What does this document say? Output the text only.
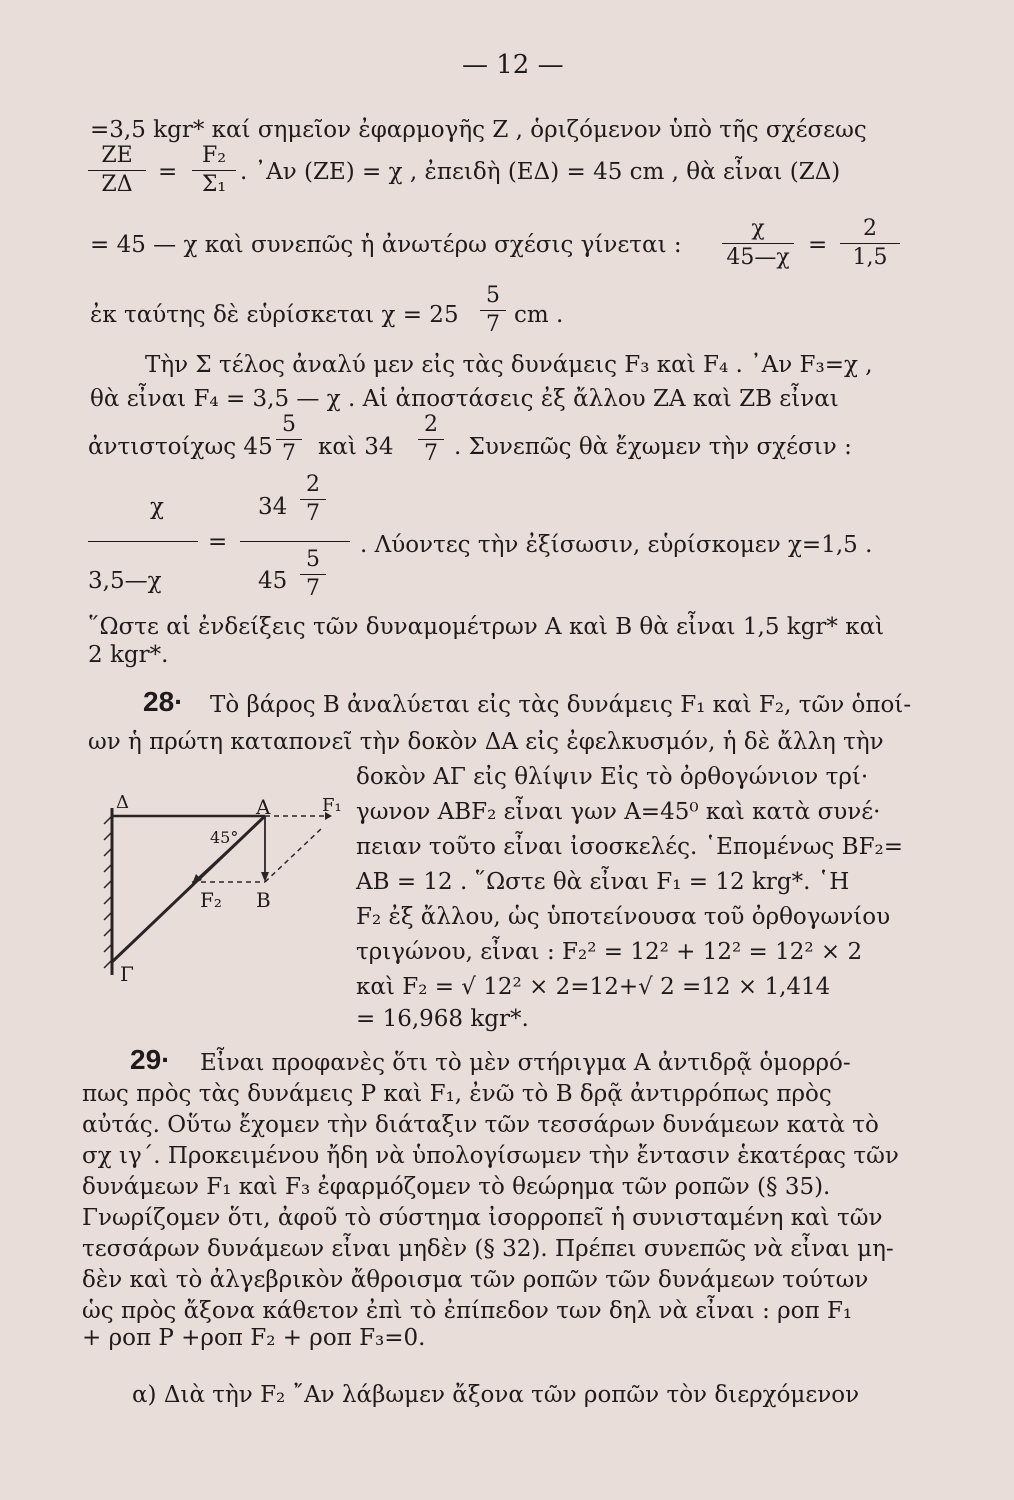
— 12 —
=3,5 kgr* καί σημεῖον ἐφαρμογῆς Ζ , ὁριζόμενον ὑπὸ τῆς σχέσεως
ΖΕ
ΖΔ	=
F₂
Σ₁ . ᾽Αν (ΖΕ) = χ , ἐπειδὴ (ΕΔ) = 45 cm , θὰ εἶναι (ΖΔ)
= 45 — χ καὶ συνεπῶς ἡ ἀνωτέρω σχέσις γίνεται :
χ
45—χ =
2
1,5
ἐκ ταύτης δὲ εὑρίσκεται χ = 25
5
7 cm .
Τὴν Σ τέλος ἀναλύ μεν εἰς τὰς δυνάμεις F₃ καὶ F₄ . ᾽Αν F₃=χ ,
θὰ εἶναι F₄ = 3,5 — χ . Αἱ ἀποστάσεις ἐξ ἄλλου ΖΑ καὶ ΖΒ εἶναι
ἀντιστοίχως 45
5
7 καὶ 34
2
7 . Συνεπῶς θὰ ἔχωμεν τὴν σχέσιν :
χ	34
2
7
=
3,5—χ	45
5
7
. Λύοντες τὴν ἐξίσωσιν, εὑρίσκομεν χ=1,5 .
῞Ωστε αἱ ἐνδείξεις τῶν δυναμομέτρων Α καὶ Β θὰ εἶναι 1,5 kgr* καὶ
2 kgr*.
28· Τὸ βάρος Β ἀναλύεται εἰς τὰς δυνάμεις F₁ καὶ F₂, τῶν ὁποί-
ων ἡ πρώτη καταπονεῖ τὴν δοκὸν ΔΑ εἰς ἐφελκυσμόν, ἡ δὲ ἄλλη τὴν
δοκὸν ΑΓ εἰς θλίψιν Εἰς τὸ ὀρθογώνιον τρί·
γωνον ΑΒF₂ εἶναι γων Α=45⁰ καὶ κατὰ συνέ·
πειαν τοῦτο εἶναι ἰσοσκελές. ῾Επομένως ΒF₂=
ΑΒ = 12 . ῞Ωστε θὰ εἶναι F₁ = 12 krg*. ῾Η
F₂ ἐξ ἄλλου, ὡς ὑποτείνουσα τοῦ ὀρθογωνίου
τριγώνου, εἶναι : F₂² = 12² + 12² = 12² × 2
καὶ F₂ = √ 12² × 2=12+√ 2 =12 × 1,414
= 16,968 kgr*.
Δ	Α	F₁
45°
F₂ Β
Γ
29· Εἶναι προφανὲς ὅτι τὸ μὲν στήριγμα Α ἀντιδρᾷ ὁμορρό-
πως πρὸς τὰς δυνάμεις Ρ καὶ F₁, ἐνῶ τὸ Β δρᾷ ἀντιρρόπως πρὸς
αὐτάς. Οὕτω ἔχομεν τὴν διάταξιν τῶν τεσσάρων δυνάμεων κατὰ τὸ
σχ ιγ΄. Προκειμένου ἤδη νὰ ὑπολογίσωμεν τὴν ἔντασιν ἑκατέρας τῶν
δυνάμεων F₁ καὶ F₃ ἐφαρμόζομεν τὸ θεώρημα τῶν ροπῶν (§ 35).
Γνωρίζομεν ὅτι, ἀφοῦ τὸ σύστημα ἰσορροπεῖ ἡ συνισταμένη καὶ τῶν
τεσσάρων δυνάμεων εἶναι μηδὲν (§ 32). Πρέπει συνεπῶς νὰ εἶναι μη-
δὲν καὶ τὸ ἀλγεβρικὸν ἄθροισμα τῶν ροπῶν τῶν δυνάμεων τούτων
ὡς πρὸς ἄξονα κάθετον ἐπὶ τὸ ἐπίπεδον των δηλ νὰ εἶναι : ροπ F₁
+ ροπ Ρ +ροπ F₂ + ροπ F₃=0.
α) Διὰ τὴν F₂ ῎Αν λάβωμεν ἄξονα τῶν ροπῶν τὸν διερχόμενον
